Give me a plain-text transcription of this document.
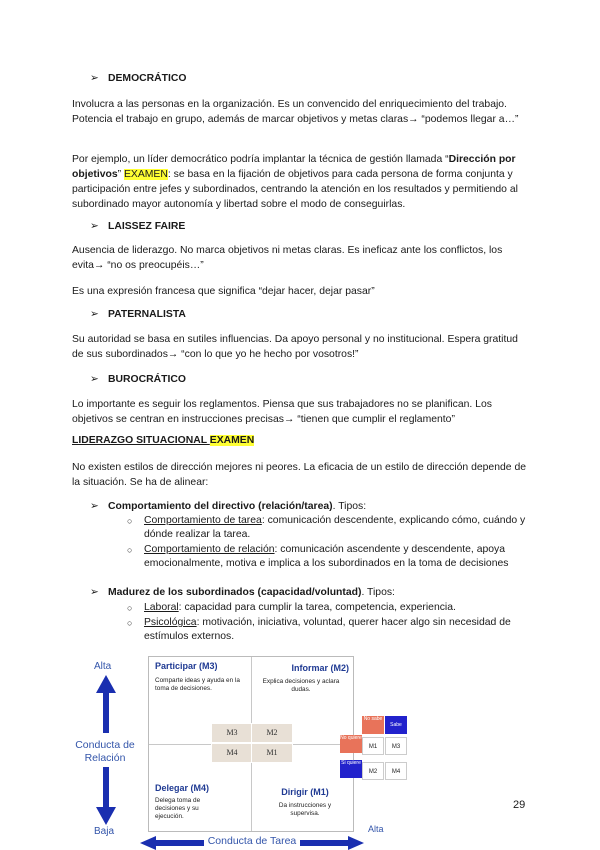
➢ DEMOCRÁTICO
Involucra a las personas en la organización. Es un convencido del enriquecimiento del trabajo. Potencia el trabajo en grupo, además de marcar objetivos y metas claras→ “podemos llegar a…”
Por ejemplo, un líder democrático podría implantar la técnica de gestión llamada “Dirección por objetivos” EXAMEN: se basa en la fijación de objetivos para cada persona de forma conjunta y participación entre jefes y subordinados, centrando la atención en los resultados y permitiendo al subordinado mayor autonomía y libertad sobre el modo de conseguirlas.
➢ LAISSEZ FAIRE
Ausencia de liderazgo. No marca objetivos ni metas claras. Es ineficaz ante los conflictos, los evita→ “no os preocupéis…”
Es una expresión francesa que significa “dejar hacer, dejar pasar”
➢ PATERNALISTA
Su autoridad se basa en sutiles influencias. Da apoyo personal y no institucional. Espera gratitud de sus subordinados→ “con lo que yo he hecho por vosotros!”
➢ BUROCRÁTICO
Lo importante es seguir los reglamentos. Piensa que sus trabajadores no se planifican. Los objetivos se centran en instrucciones precisas→ “tienen que cumplir el reglamento”
LIDERAZGO SITUACIONAL EXAMEN
No existen estilos de dirección mejores ni peores. La eficacia de un estilo de dirección depende de la situación. Se ha de alinear:
➢ Comportamiento del directivo (relación/tarea). Tipos:
○ Comportamiento de tarea: comunicación descendente, explicando cómo, cuándo y dónde realizar la tarea.
○ Comportamiento de relación: comunicación ascendente y descendente, apoya emocionalmente, motiva e implica a los subordinados en la toma de decisiones
➢ Madurez de los subordinados (capacidad/voluntad). Tipos:
○ Laboral: capacidad para cumplir la tarea, competencia, experiencia.
○ Psicológica: motivación, iniciativa, voluntad, querer hacer algo sin necesidad de estímulos externos.
Alta
Baja
Conducta de Relación
Participar (M3)
Comparte ideas y ayuda en la toma de decisiones.
Informar (M2)
Explica decisiones y aclara dudas.
Delegar (M4)
Delega toma de decisiones y su ejecución.
Dirigir (M1)
Da instrucciones y supervisa.
M3	M2
M4	M1
No sabe
Sabe
No quiere
Si quiere
M1	M3
M2	M4
Alta
Conducta de Tarea
29
